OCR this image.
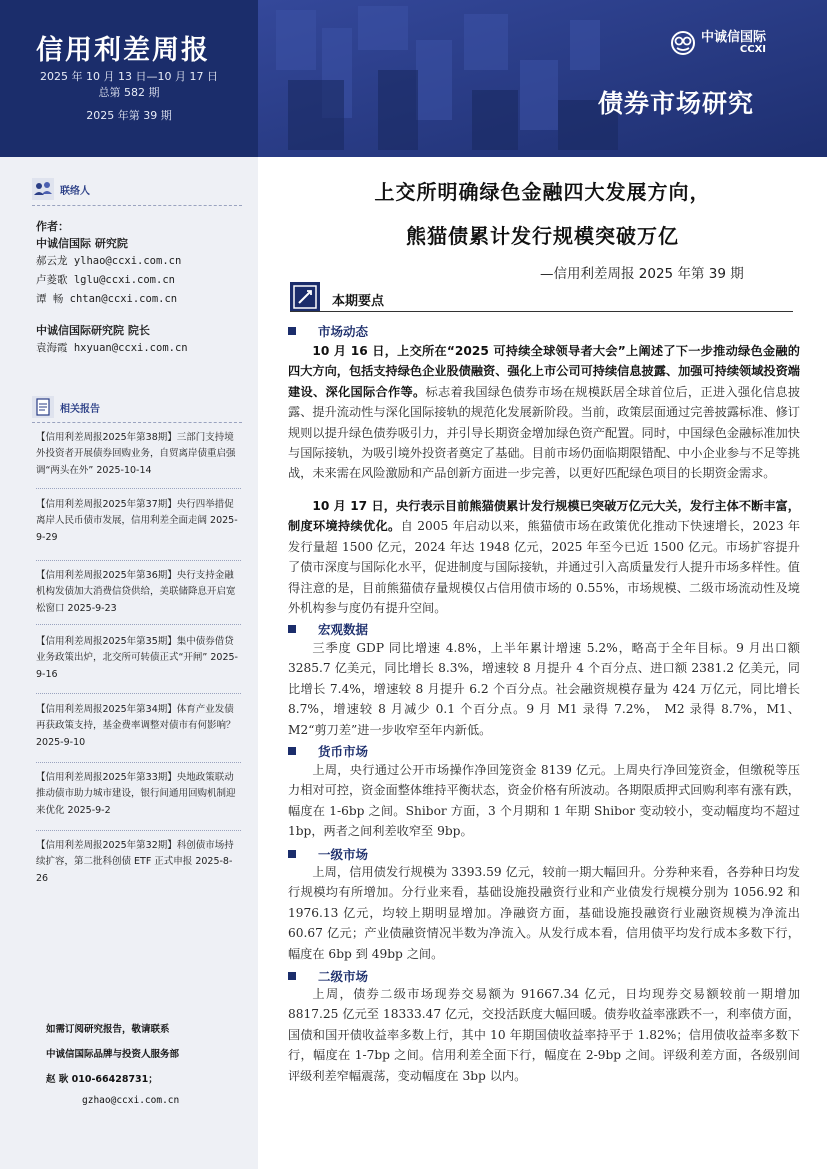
信用利差周报
2025 年 10 月 13 日—10 月 17 日
总第 582 期
2025 年第 39 期
中诚信国际
CCXI
债券市场研究
联络人
作者：
中诚信国际 研究院
郝云龙 ylhao@ccxi.com.cn
卢菱歌 lglu@ccxi.com.cn
谭 畅 chtan@ccxi.com.cn
中诚信国际研究院 院长
袁海霞 hxyuan@ccxi.com.cn
相关报告
【信用利差周报2025年第38期】三部门支持境外投资者开展债券回购业务，自贸离岸债重启强调“两头在外” 2025-10-14
【信用利差周报2025年第37期】央行四举措促离岸人民币债市发展，信用利差全面走阔 2025-9-29
【信用利差周报2025年第36期】央行支持金融机构发债加大消费信贷供给，美联储降息开启宽松窗口 2025-9-23
【信用利差周报2025年第35期】集中债券借贷业务政策出炉，北交所可转债正式“开闸” 2025-9-16
【信用利差周报2025年第34期】体育产业发债再获政策支持，基金费率调整对债市有何影响？ 2025-9-10
【信用利差周报2025年第33期】央地政策联动推动债市助力城市建设，银行间通用回购机制迎来优化 2025-9-2
【信用利差周报2025年第32期】科创债市场持续扩容，第二批科创债 ETF 正式申报 2025-8-26
如需订阅研究报告，敬请联系
中诚信国际品牌与投资人服务部
赵 耿 010-66428731；
gzhao@ccxi.com.cn
上交所明确绿色金融四大发展方向，
熊猫债累计发行规模突破万亿
—信用利差周报 2025 年第 39 期
本期要点
市场动态
10 月 16 日，上交所在“2025 可持续全球领导者大会”上阐述了下一步推动绿色金融的四大方向，包括支持绿色企业股债融资、强化上市公司可持续信息披露、加强可持续领域投资端建设、深化国际合作等。标志着我国绿色债券市场在规模跃居全球首位后，正进入强化信息披露、提升流动性与深化国际接轨的规范化发展新阶段。当前，政策层面通过完善披露标准、修订规则以提升绿色债券吸引力，并引导长期资金增加绿色资产配置。同时，中国绿色金融标准加快与国际接轨，为吸引境外投资者奠定了基础。目前市场仍面临期限错配、中小企业参与不足等挑战，未来需在风险激励和产品创新方面进一步完善，以更好匹配绿色项目的长期资金需求。
10 月 17 日，央行表示目前熊猫债累计发行规模已突破万亿元大关，发行主体不断丰富，制度环境持续优化。自 2005 年启动以来，熊猫债市场在政策优化推动下快速增长，2023 年发行量超 1500 亿元，2024 年达 1948 亿元，2025 年至今已近 1500 亿元。市场扩容提升了债市深度与国际化水平，促进制度与国际接轨，并通过引入高质量发行人提升市场多样性。值得注意的是，目前熊猫债存量规模仅占信用债市场的 0.55%，市场规模、二级市场流动性及境外机构参与度仍有提升空间。
宏观数据
三季度 GDP 同比增速 4.8%，上半年累计增速 5.2%，略高于全年目标。9 月出口额 3285.7 亿美元，同比增长 8.3%，增速较 8 月提升 4 个百分点、进口额 2381.2 亿美元，同比增长 7.4%，增速较 8 月提升 6.2 个百分点。社会融资规模存量为 424 万亿元，同比增长 8.7%，增速较 8 月减少 0.1 个百分点。9 月 M1 录得 7.2%， M2 录得 8.7%，M1、M2“剪刀差”进一步收窄至年内新低。
货币市场
上周，央行通过公开市场操作净回笼资金 8139 亿元。上周央行净回笼资金，但缴税等压力相对可控，资金面整体维持平衡状态，资金价格有所波动。各期限质押式回购利率有涨有跌，幅度在 1-6bp 之间。Shibor 方面，3 个月期和 1 年期 Shibor 变动较小，变动幅度均不超过 1bp，两者之间利差收窄至 9bp。
一级市场
上周，信用债发行规模为 3393.59 亿元，较前一期大幅回升。分券种来看，各券种日均发行规模均有所增加。分行业来看，基础设施投融资行业和产业债发行规模分别为 1056.92 和 1976.13 亿元，均较上期明显增加。净融资方面，基础设施投融资行业融资规模为净流出 60.67 亿元；产业债融资情况半数为净流入。从发行成本看，信用债平均发行成本多数下行，幅度在 6bp 到 49bp 之间。
二级市场
上周，债券二级市场现券交易额为 91667.34 亿元，日均现券交易额较前一期增加 8817.25 亿元至 18333.47 亿元，交投活跃度大幅回暖。债券收益率涨跌不一，利率债方面，国债和国开债收益率多数上行，其中 10 年期国债收益率持平于 1.82%；信用债收益率多数下行，幅度在 1-7bp 之间。信用利差全面下行，幅度在 2-9bp 之间。评级利差方面，各级别间评级利差窄幅震荡，变动幅度在 3bp 以内。
